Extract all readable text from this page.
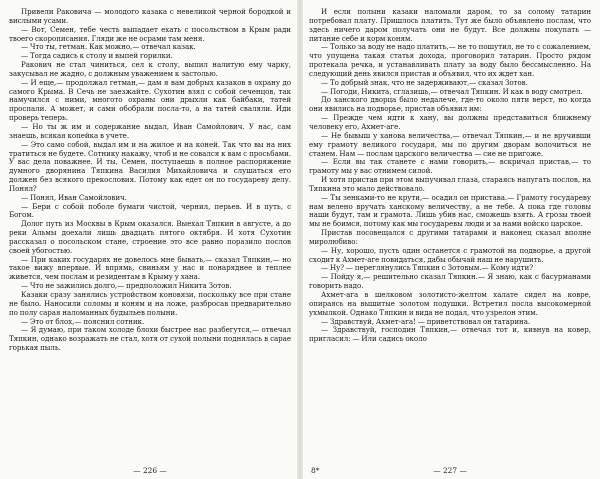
Привели Раковича — молодого казака с невеликой черной бородкой и вислыми усами.

— Вот, Семен, тебе честь выпадает ехать с посольством в Крым ради твоего скорописания. Гляди же не осрами там меня.

— Что ты, гетман. Как можно,— отвечал казак.

— Тогда садись к столу и выпей горилки.

Ракович не стал чиниться, сел к столу, выпил налитую ему чарку, закусывал не жадно, с должным уважением к застолью.

— И еще,— продолжал гетман,— дам я вам добрых казаков в охрану до самого Крыма. В Сечь не заезжайте. Сухотин взял с собой сеченцов, так намучился с ними, многото охраны они дрыхли как байбаки, татей проспали. А может, и сами обобрали посла-то, а на татей сваляли. Иди проверь теперь.

— Но ты ж им и содержание выдал, Иван Самойлович. У нас, сам знаешь, всякая копейка в учете.

— Это само собой, выдал им и на жилое и на коней. Так что вы на них тратиться не будете. Сотнику накажу, чтоб и не совался к вам с просьбами. У вас дела поважнее. И ты, Семен, поступаешь в полное распоряжение думного дворянина Тяпкина Василия Михайловича и слушаться его должен без всякого прекословия. Потому как едет он по государеву делу. Понял?

— Понял, Иван Самойлович.

— Бери с собой поболе бумаги чистой, чернил, перьев. И в путь, с Богом.

Долог путь из Москвы в Крым оказался. Выехал Тяпкин в августе, а до реки Альмы доехали лишь двадцать пятого октября. И хотя Сухотин рассказал о посольском стане, строение это все равно поразило послов своей убогостью.

— При каких государях не довелось мне бывать,— сказал Тяпкин,— но такое вижу впервые. И впрямь, свиньям у нас и понаряднее и теплее живется, чем послам и резидентам в Крыму у хана.

— Что не зажились долго,— предположил Никита Зотов.

Казаки сразу занялись устройством коновязи, поскольку все при стане не было. Наносили соломы и коням и на ложе, разбросав предварительно по полу сарая наломанных будыльев полыни.

— Это от блох,— пояснил сотник.

— Я думаю, при таком холоде блохи быстрее нас разбегутся,— отвечал Тяпкин, однако возражать не стал, хотя от сухой полыни поднялась в сарае горькая пыль.

— 226 —

И если полыни казаки наломали даром, то за солому татарин потребовал плату. Пришлось платить. Тут же было объявлено послам, что здесь ничего даром получать они не будут. Все должны покупать — питание себе и корм коням.

— Только за воду не надо платить,— не то пошутил, не то с сожалением, что упущена такая статья дохода, проговорил татарин. Просто рядом протекала речка, и устанавливать плату за воду было бессмысленно. На следующий день явился пристав и объявил, что их ждет хан.

— То добрый знак, что не задерживают,— сказал Зотов.

— Погоди, Никита, сглазишь,— отвечал Тяпкин. И как в воду смотрел.

До ханского дворца было недалече, где-то около пяти верст, но когда они явились на подворье, пристав объявил им:

— Прежде чем идти к хану, вы должны представиться ближнему человеку его, Ахмет-аге.

— Не бывыш у ханова величества,— отвечал Тяпкин,— и не вручивши ему грамоту великого государя, мы по другим дворам волочиться не станем. Нам — послам царского величества — сие не пригоже.

— Если вы так станете с нами говорить,— вскричал пристав,— то грамоту мы у вас отнимем силой.

И хотя пристав при этом выпучивал глаза, стараясь напугать послов, на Тяпкина это мало действовало.

— Ты зенками-то не крути,— осадил он пристава.— Грамоту государеву нам велено вручать ханскому величеству, а не тебе. А пока где головы наши будут, там и грамота. Лишь убив нас, сможешь взять. А грозы твоей мы не боимся, потому как мы государевы люди и за нами войско царское.

Пристав посовещался с другими татарами и наконец сказал вполне миролюбиво:

— Ну, хорошо, пусть один останется с грамотой на подворье, а другой сходит к Ахмет-аге повидаться, дабы обычай наш не нарушить.

— Ну? — переглянулись Тяпкин с Зотовым.— Кому идти?

— Пойду я,— решительно сказал Тяпкин.— Я знаю, как с басурманами говорить надо.

Ахмет-ага в шелковом золотисто-желтом халате сидел на ковре, опираясь на вышитые золотом подушки. Встретил посла высокомерной ухмылкой. Однако Тяпкин и вида не подал, что узрелон этим.

— Здравствуй, Ахмет-ага! — приветствовал он татарина.

— Здравствуй, господин Тяпкин,— отвечал тот и, кивнув на ковер, пригласил: — Или садись около

8*	— 227 —
